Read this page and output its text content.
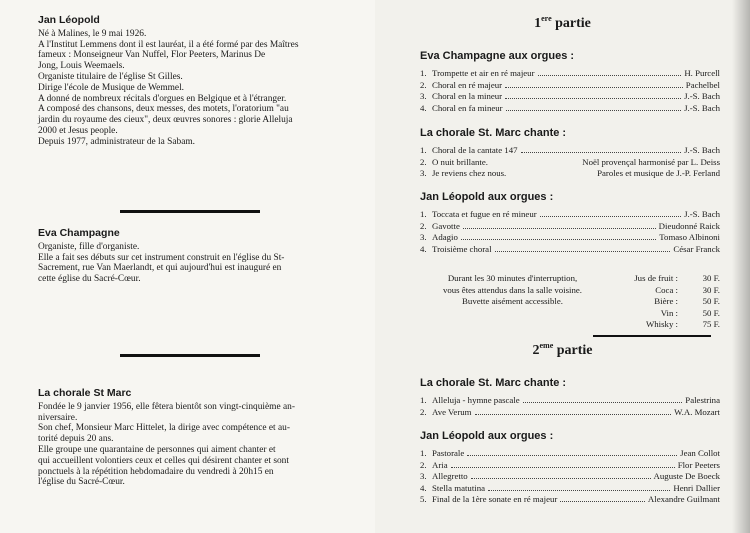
Jan Léopold
Né à Malines, le 9 mai 1926.
A l'Institut Lemmens dont il est lauréat, il a été formé par des Maîtres
fameux : Monseigneur Van Nuffel, Flor Peeters, Marinus De
Jong, Louis Weemaels.
Organiste titulaire de l'église St Gilles.
Dirige l'école de Musique de Wemmel.
A donné de nombreux récitals d'orgues en Belgique et à l'étranger.
A composé des chansons, deux messes, des motets, l'oratorium "au
jardin du royaume des cieux", deux œuvres sonores : glorie Alleluja
2000 et Jesus people.
Depuis 1977, administrateur de la Sabam.
Eva Champagne
Organiste, fille d'organiste.
Elle a fait ses débuts sur cet instrument construit en l'église du St-
Sacrement, rue Van Maerlandt, et qui aujourd'hui est inauguré en
cette église du Sacré-Cœur.
La chorale St Marc
Fondée le 9 janvier 1956, elle fêtera bientôt son vingt-cinquième an-
niversaire.
Son chef, Monsieur Marc Hittelet, la dirige avec compétence et au-
torité depuis 20 ans.
Elle groupe une quarantaine de personnes qui aiment chanter et
qui accueillent volontiers ceux et celles qui désirent chanter et sont
ponctuels à la répétition hebdomadaire du vendredi à 20h15 en
l'église du Sacré-Cœur.
1ere partie
Eva Champagne aux orgues :
1. Trompette et air en ré majeur	H. Purcell
2. Choral en ré majeur	Pachelbel
3. Choral en la mineur	J.-S. Bach
4. Choral en fa mineur	J.-S. Bach
La chorale St. Marc chante :
1. Choral de la cantate 147	J.-S. Bach
2. O nuit brillante.	Noël provençal harmonisé par L. Deiss
3. Je reviens chez nous.	Paroles et musique de J.-P. Ferland
Jan Léopold aux orgues :
1. Toccata et fugue en ré mineur	J.-S. Bach
2. Gavotte	Dieudonné Raick
3. Adagio	Tomaso Albinoni
4. Troisième choral	César Franck
Durant les 30 minutes d'interruption,
vous êtes attendus dans la salle voisine.
Buvette aisément accessible.
Jus de fruit :	30 F.
Coca :	30 F.
Bière :	50 F.
Vin :	50 F.
Whisky :	75 F.
2eme partie
La chorale St. Marc chante :
1. Alleluja - hymne pascale	Palestrina
2. Ave Verum	W.A. Mozart
Jan Léopold aux orgues :
1. Pastorale	Jean Collot
2. Aria	Flor Peeters
3. Allegretto	Auguste De Boeck
4. Stella matutina	Henri Dallier
5. Final de la 1ère sonate en ré majeur	Alexandre Guilmant
